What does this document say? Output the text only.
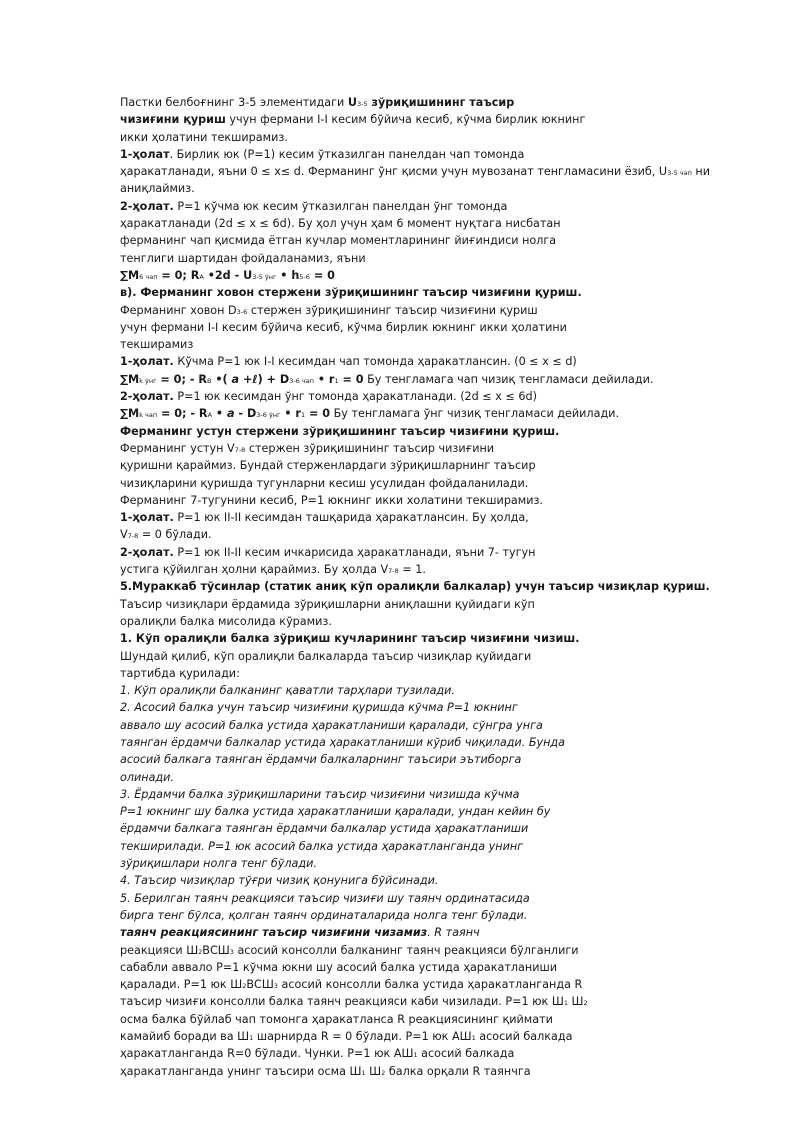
Пастки белбоғнинг 3-5 элементидаги U3-5 зўриқишининг таъсир
чизиғини қуриш учун фермани I-I кесим бўйича кесиб, кўчма бирлик юкнинг
икки ҳолатини текширамиз.
1-ҳолат. Бирлик юк (P=1) кесим ўтказилган панелдан чап томонда
ҳаракатланади, яъни 0 ≤ x≤ d. Ферманинг ўнг қисми учун мувозанат тенгламасини ёзиб, U3-5 чап ни
аниқлаймиз.
2-ҳолат. P=1 кўчма юк кесим ўтказилган панелдан ўнг томонда
ҳаракатланади (2d ≤ x ≤ 6d). Бу ҳол учун ҳам 6 момент нуқтага нисбатан
ферманинг чап қисмида ётган кучлар моментларининг йиғиндиси нолга
тенглиги шартидан фойдаланамиз, яъни
∑M6 чап = 0; RA •2d - U3-5 ўнг • h5-6 = 0
в). Ферманинг ховон стержени зўриқишининг таъсир чизиғини қуриш.
Ферманинг ховон D3-6 стержен зўриқишининг таъсир чизиғини қуриш
учун фермани I-I кесим бўйича кесиб, кўчма бирлик юкнинг икки ҳолатини
текширамиз
1-ҳолат. Кўчма P=1 юк I-I кесимдан чап томонда ҳаракатлансин. (0 ≤ x ≤ d)
∑Mk ўнг = 0; - RB •( a +ℓ) + D3-6 чап • r1 = 0 Бу тенгламага чап чизиқ тенгламаси дейилади.
2-ҳолат. P=1 юк кесимдан ўнг томонда ҳаракатланади. (2d ≤ x ≤ 6d)
∑Mk чап = 0; - RA • a - D3-6 ўнг • r1 = 0 Бу тенгламага ўнг чизиқ тенгламаси дейилади.
Ферманинг устун стержени зўриқишининг таъсир чизиғини қуриш.
Ферманинг устун V7-8 стержен зўриқишининг таъсир чизиғини
қуришни қараймиз. Бундай стерженлардаги зўриқишларнинг таъсир
чизиқларини қуришда тугунларни кесиш усулидан фойдаланилади.
Ферманинг 7-тугунини кесиб, P=1 юкнинг икки холатини текширамиз.
1-ҳолат. P=1 юк II-II кесимдан ташқарида ҳаракатлансин. Бу ҳолда,
V7-8 = 0 бўлади.
2-ҳолат. P=1 юк II-II кесим ичкарисида ҳаракатланади, яъни 7- тугун
устига қўйилган ҳолни қараймиз. Бу ҳолда V7-8 = 1.
5.Мураккаб тўсинлар (статик аниқ кўп оралиқли балкалар) учун таъсир чизиқлар қуриш.
Таъсир чизиқлари ёрдамида зўриқишларни аниқлашни қуйидаги кўп
оралиқли балка мисолида кўрамиз.
1. Кўп оралиқли балка зўриқиш кучларининг таъсир чизиғини чизиш.
Шундай қилиб, кўп оралиқли балкаларда таъсир чизиқлар қуйидаги
тартибда қурилади:
1. Кўп оралиқли балканинг қаватли тарҳлари тузилади.
2. Асосий балка учун таъсир чизиғини қуришда кўчма P=1 юкнинг
аввало шу асосий балка устида ҳаракатланиши қаралади, сўнгра унга
таянган ёрдамчи балкалар устида ҳаракатланиши кўриб чиқилади. Бунда
асосий балкага таянган ёрдамчи балкаларнинг таъсири эътиборга
олинади.
3. Ёрдамчи балка зўриқишларини таъсир чизиғини чизишда кўчма
P=1 юкнинг шу балка устида ҳаракатланиши қаралади, ундан кейин бу
ёрдамчи балкага таянган ёрдамчи балкалар устида ҳаракатланиши
текширилади. P=1 юк асосий балка устида ҳаракатланганда унинг
зўриқишлари нолга тенг бўлади.
4. Таъсир чизиқлар тўғри чизиқ қонунига бўйсинади.
5. Берилган таянч реакцияси таъсир чизиғи шу таянч ординатасида
бирга тенг бўлса, қолган таянч ординаталарида нолга тенг бўлади.
таянч реакциясининг таъсир чизиғини чизамиз. R таянч
реакцияси Ш2ВСШ3 асосий консолли балканинг таянч реакцияси бўлганлиги
сабабли аввало P=1 кўчма юкни шу асосий балка устида ҳаракатланиши
қаралади. P=1 юк Ш2ВСШ3 асосий консолли балка устида ҳаракатланганда R
таъсир чизиғи консолли балка таянч реакцияси каби чизилади. P=1 юк Ш1 Ш2
осма балка бўйлаб чап томонга ҳаракатланса R реакциясининг қиймати
камайиб боради ва Ш1 шарнирда R = 0 бўлади. P=1 юк АШ1 асосий балкада
ҳаракатланганда R=0 бўлади. Чунки. P=1 юк АШ1 асосий балкада
ҳаракатланганда унинг таъсири осма Ш1 Ш2 балка орқали R таянчга
